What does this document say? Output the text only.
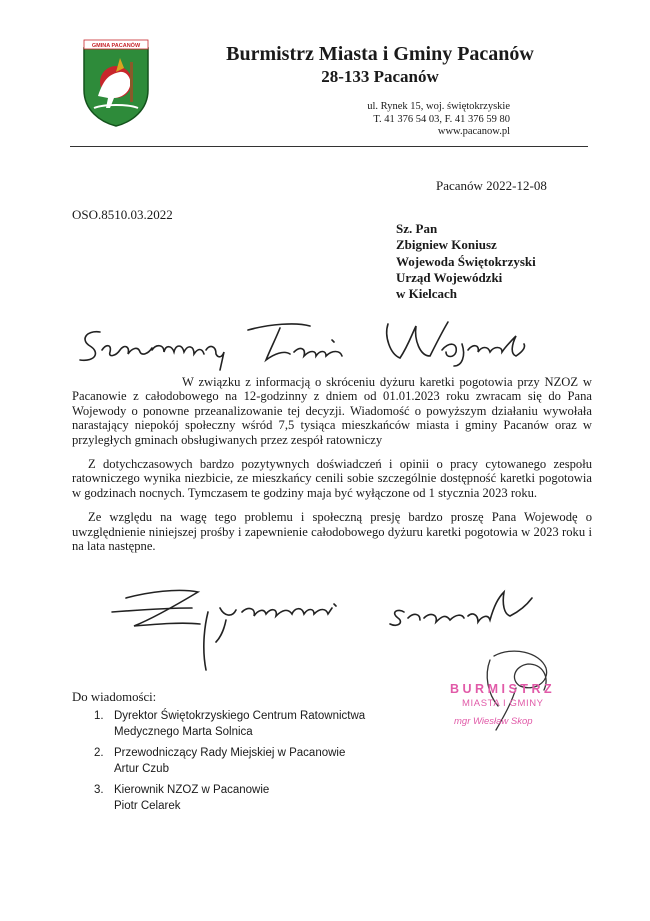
GMINA PACANÓW	Burmistrz Miasta i Gminy Pacanów
28-133 Pacanów
ul. Rynek 15, woj. świętokrzyskie
T. 41 376 54 03, F. 41 376 59 80
www.pacanow.pl
Pacanów 2022-12-08
OSO.8510.03.2022
Sz. Pan
Zbigniew Koniusz
Wojewoda Świętokrzyski
Urząd Wojewódzki
w Kielcach

W związku z informacją o skróceniu dyżuru karetki pogotowia przy NZOZ w Pacanowie z całodobowego na 12-godzinny z dniem od 01.01.2023 roku zwracam się do Pana Wojewody o ponowne przeanalizowanie tej decyzji. Wiadomość o powyższym działaniu wywołała narastający niepokój społeczny wśród 7,5 tysiąca mieszkańców miasta i gminy Pacanów oraz w przyległych gminach obsługiwanych przez zespół ratowniczy

Z dotychczasowych bardzo pozytywnych doświadczeń i opinii o pracy cytowanego zespołu ratowniczego wynika niezbicie, ze mieszkańcy cenili sobie szczególnie dostępność karetki pogotowia w godzinach nocnych. Tymczasem te godziny maja być wyłączone od 1 stycznia 2023 roku.

Ze względu na wagę tego problemu i społeczną presję bardzo proszę Pana Wojewodę o uwzględnienie niniejszej prośby i zapewnienie całodobowego dyżuru karetki pogotowia w 2023 roku i na lata następne.

BURMISTRZ
MIASTA I GMINY
mgr Wiesław Skop
Do wiadomości:
1. Dyrektor Świętokrzyskiego Centrum Ratownictwa
Medycznego Marta Solnica
2. Przewodniczący Rady Miejskiej w Pacanowie
Artur Czub
3. Kierownik NZOZ w Pacanowie
Piotr Celarek
